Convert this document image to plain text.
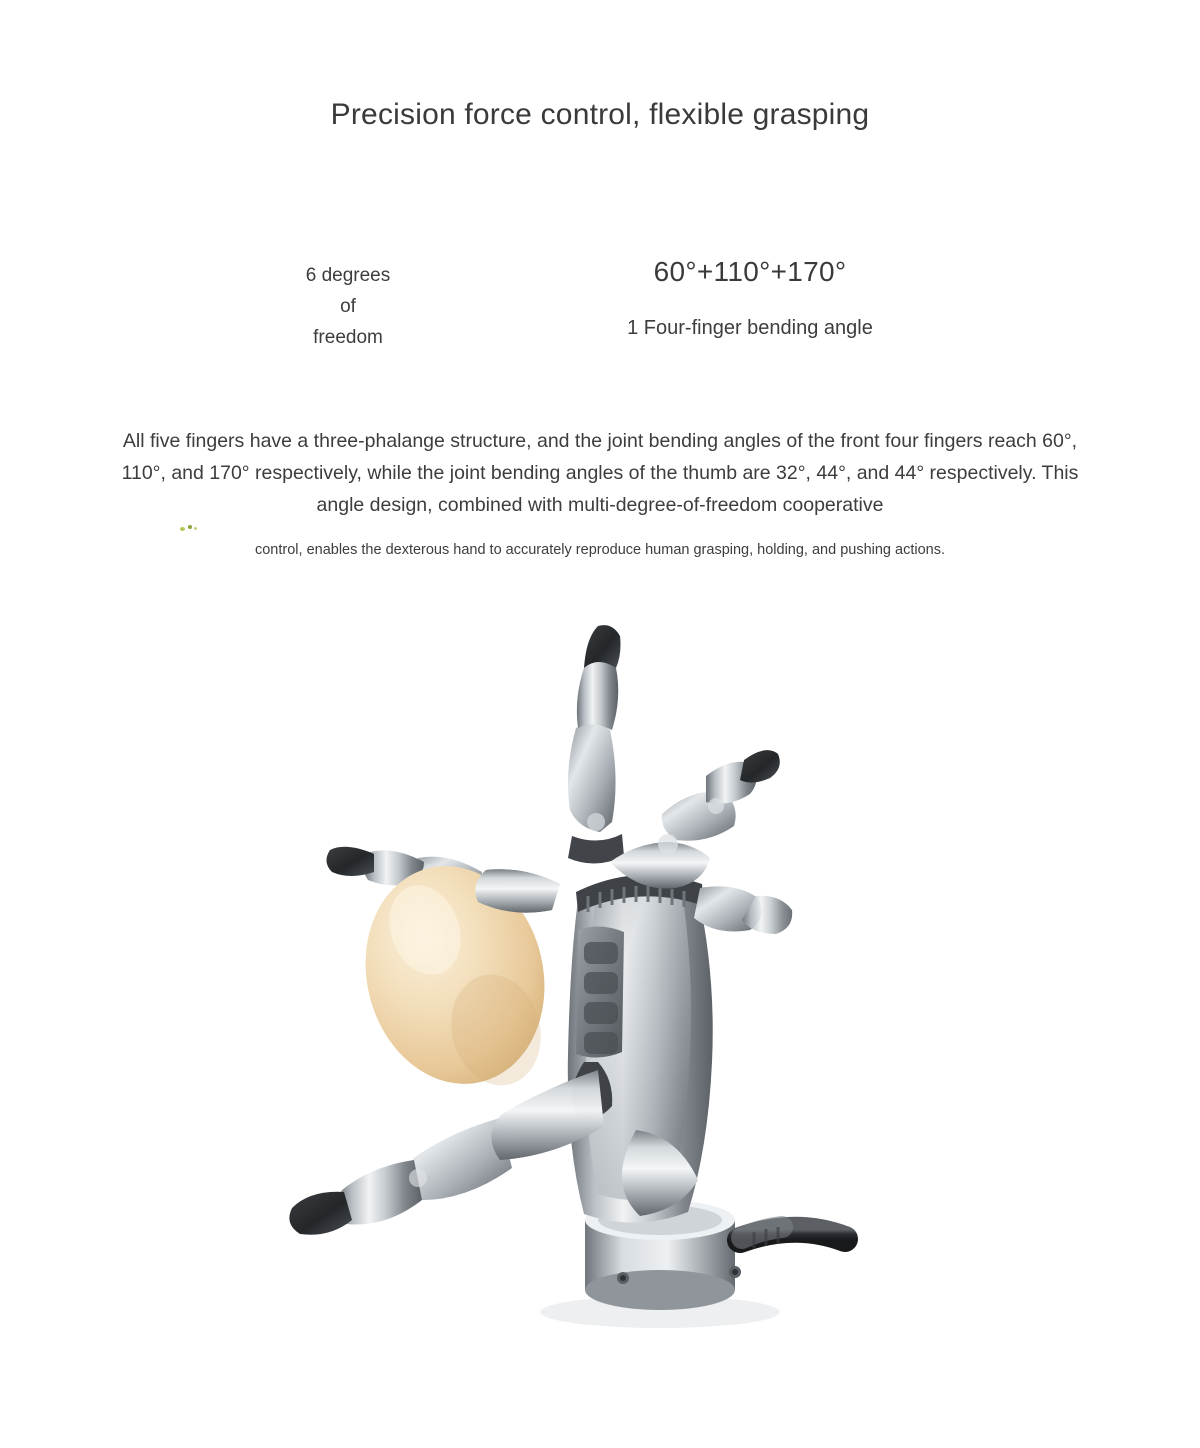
Precision force control, flexible grasping
6 degrees
of
freedom
60°+110°+170°
1 Four-finger bending angle
All five fingers have a three-phalange structure, and the joint bending angles of the front four fingers reach 60°, 110°, and 170° respectively, while the joint bending angles of the thumb are 32°, 44°, and 44° respectively. This angle design, combined with multi-degree-of-freedom cooperative
control, enables the dexterous hand to accurately reproduce human grasping, holding, and pushing actions.
